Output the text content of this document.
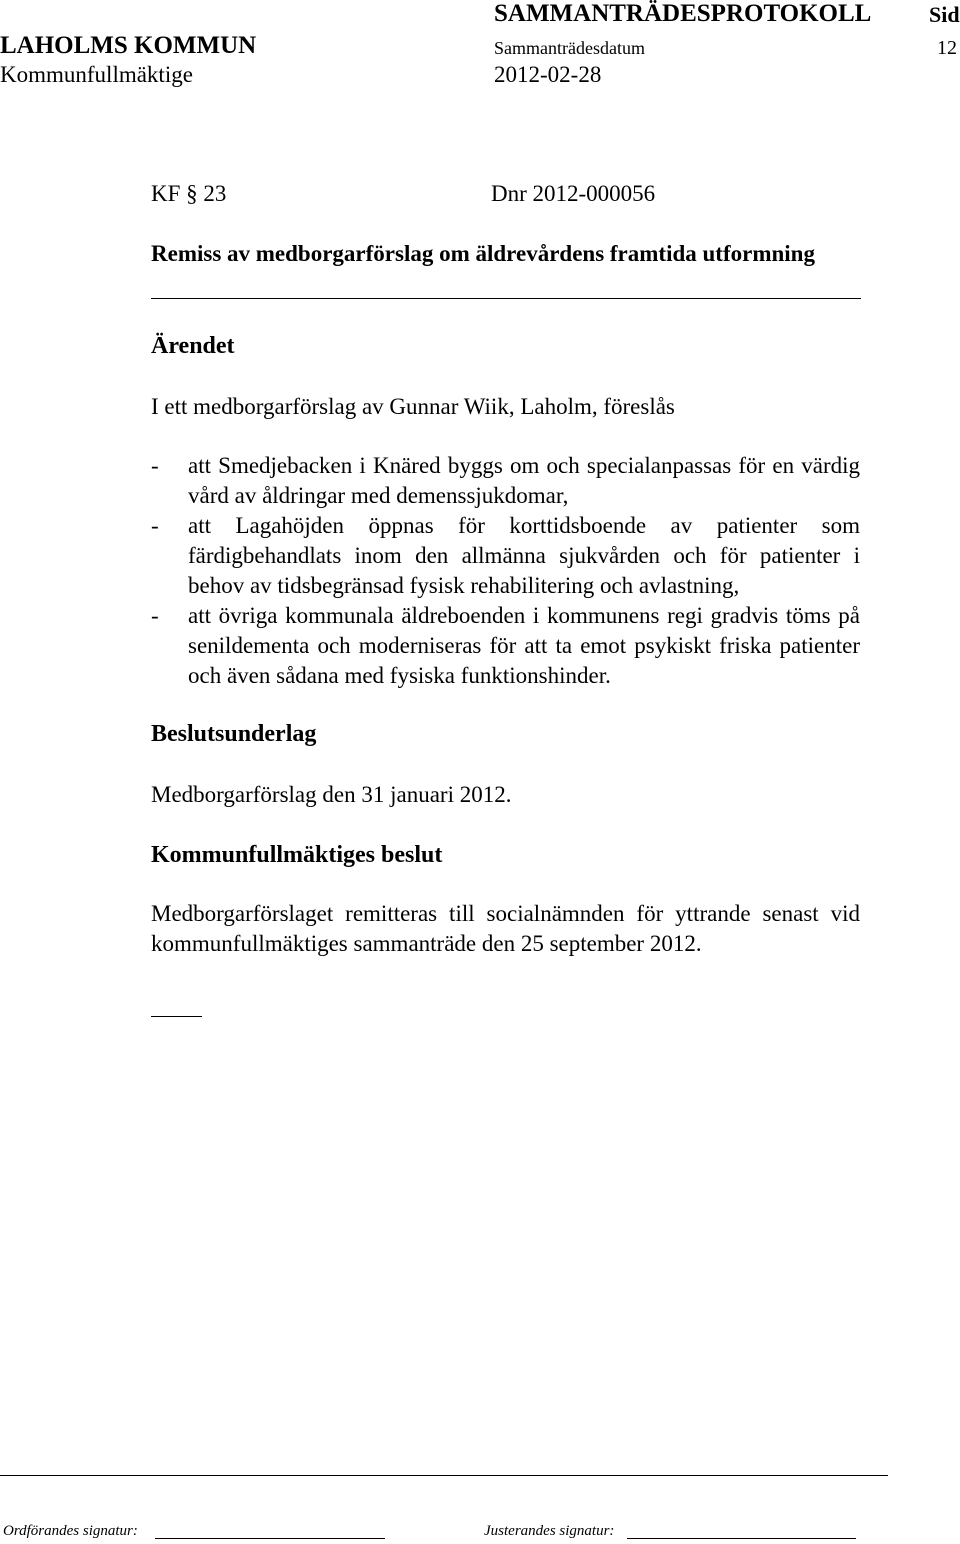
SAMMANTRÄDESPROTOKOLL	Sid
LAHOLMS KOMMUN	Sammanträdesdatum	12
Kommunfullmäktige	2012-02-28
KF § 23	Dnr 2012-000056
Remiss av medborgarförslag om äldrevårdens framtida utformning
Ärendet
I ett medborgarförslag av Gunnar Wiik, Laholm, föreslås
- att Smedjebacken i Knäred byggs om och specialanpassas för en värdig vård av åldringar med demenssjukdomar,
- att Lagahöjden öppnas för korttidsboende av patienter som färdigbehandlats inom den allmänna sjukvården och för patienter i behov av tidsbegränsad fysisk rehabilitering och avlastning,
- att övriga kommunala äldreboenden i kommunens regi gradvis töms på senildementa och moderniseras för att ta emot psykiskt friska patienter och även sådana med fysiska funktionshinder.
Beslutsunderlag
Medborgarförslag den 31 januari 2012.
Kommunfullmäktiges beslut
Medborgarförslaget remitteras till socialnämnden för yttrande senast vid kommunfullmäktiges sammanträde den 25 september 2012.
Ordförandes signatur:	Justerandes signatur:
